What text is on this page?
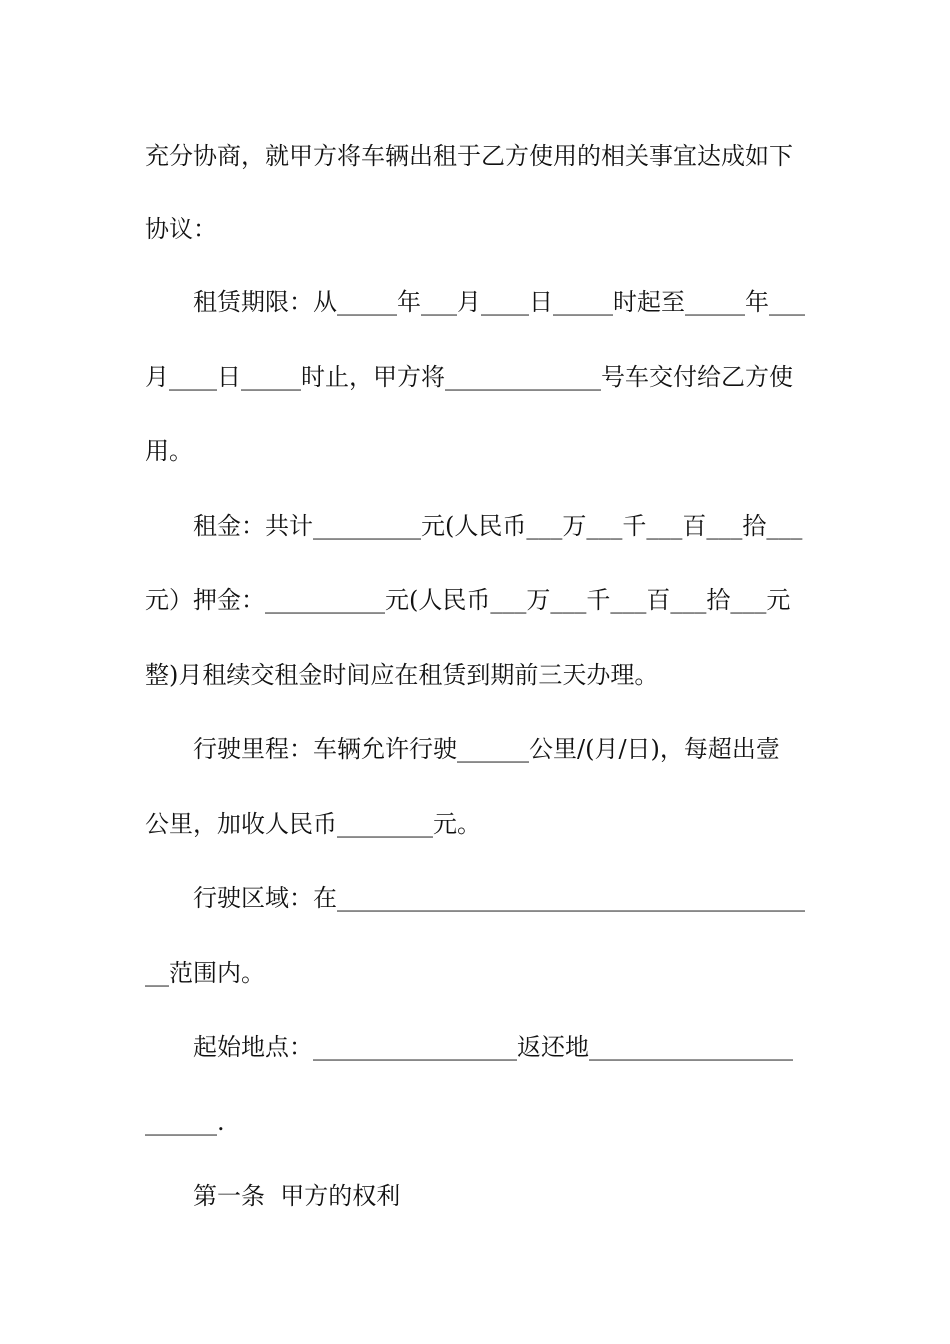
充分协商，就甲方将车辆出租于乙方使用的相关事宜达成如下
协议：
租赁期限：从_____年___月____日_____时起至_____年___
月____日_____时止，甲方将_____________号车交付给乙方使
用。
租金：共计_________元(人民币___万___千___百___拾___
元）押金：__________元(人民币___万___千___百___拾___元
整)月租续交租金时间应在租赁到期前三天办理。
行驶里程：车辆允许行驶______公里/(月/日)，每超出壹
公里，加收人民币________元。
行驶区域：在_______________________________________
__范围内。
起始地点：_________________返还地_________________
______.
第一条  甲方的权利
